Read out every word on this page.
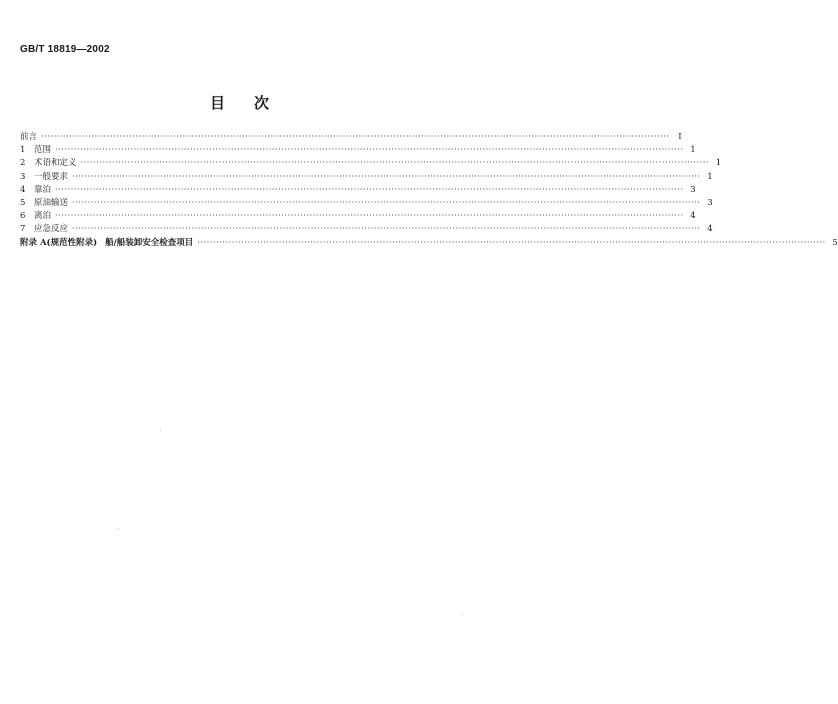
GB/T 18819—2002
目 次
前言 ········································································································································································································	I
1	范围 ········································································································································································································ 1
2	术语和定义 ········································································································································································································ 1
3	一般要求 ········································································································································································································ 1
4	靠泊 ········································································································································································································ 3
5	原油输送 ········································································································································································································ 3
6	离泊 ········································································································································································································ 4
7	应急反应 ········································································································································································································ 4
附录 A(规范性附录) 船/船装卸安全检查项目 ········································································································································································································ 5
